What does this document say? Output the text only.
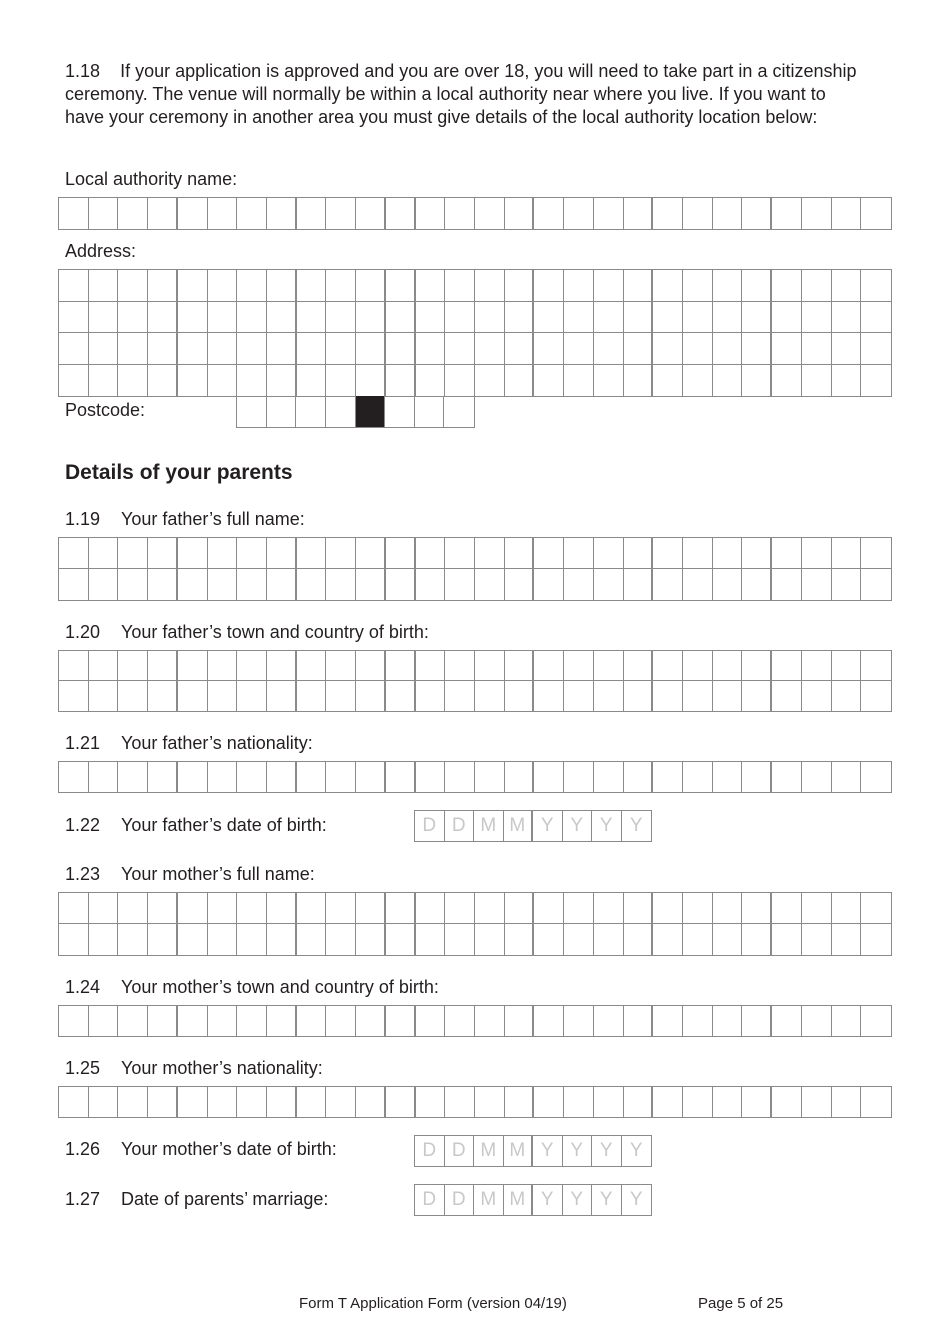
1.18 If your application is approved and you are over 18, you will need to take part in a citizenship ceremony. The venue will normally be within a local authority near where you live. If you want to have your ceremony in another area you must give details of the local authority location below:
Local authority name:
Address:
Postcode:
Details of your parents
1.19 Your father’s full name:
1.20 Your father’s town and country of birth:
1.21 Your father’s nationality:
1.22 Your father’s date of birth:	D D M M Y Y Y Y
1.23 Your mother’s full name:
1.24 Your mother’s town and country of birth:
1.25 Your mother’s nationality:
1.26 Your mother’s date of birth:	D D M M Y Y Y Y
1.27 Date of parents’ marriage:	D D M M Y Y Y Y
Form T Application Form (version 04/19)	Page 5 of 25
